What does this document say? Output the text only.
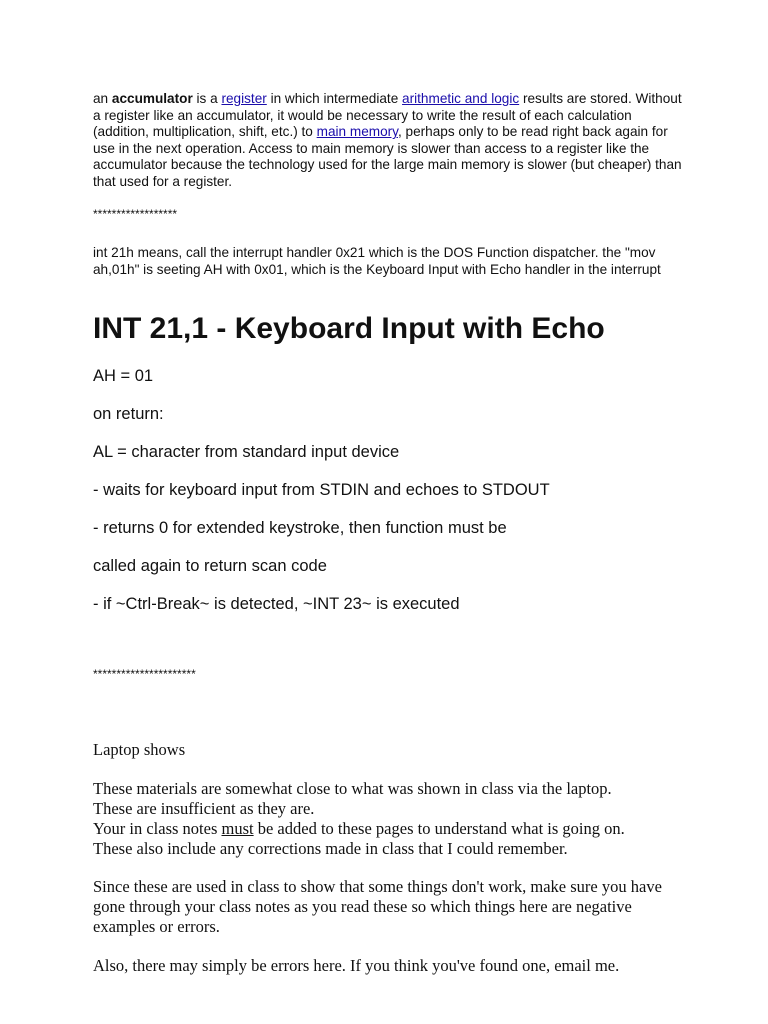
an accumulator is a register in which intermediate arithmetic and logic results are stored. Without a register like an accumulator, it would be necessary to write the result of each calculation (addition, multiplication, shift, etc.) to main memory, perhaps only to be read right back again for use in the next operation. Access to main memory is slower than access to a register like the accumulator because the technology used for the large main memory is slower (but cheaper) than that used for a register.

******************

int 21h means, call the interrupt handler 0x21 which is the DOS Function dispatcher. the "mov ah,01h" is seeting AH with 0x01, which is the Keyboard Input with Echo handler in the interrupt

INT 21,1 - Keyboard Input with Echo

AH = 01

on return:

AL = character from standard input device

- waits for keyboard input from STDIN and echoes to STDOUT

- returns 0 for extended keystroke, then function must be

called again to return scan code

- if ~Ctrl-Break~ is detected, ~INT 23~ is executed

**********************

Laptop shows

These materials are somewhat close to what was shown in class via the laptop.
These are insufficient as they are.
Your in class notes must be added to these pages to understand what is going on.
These also include any corrections made in class that I could remember.

Since these are used in class to show that some things don't work, make sure you have gone through your class notes as you read these so which things here are negative examples or errors.

Also, there may simply be errors here. If you think you've found one, email me.
